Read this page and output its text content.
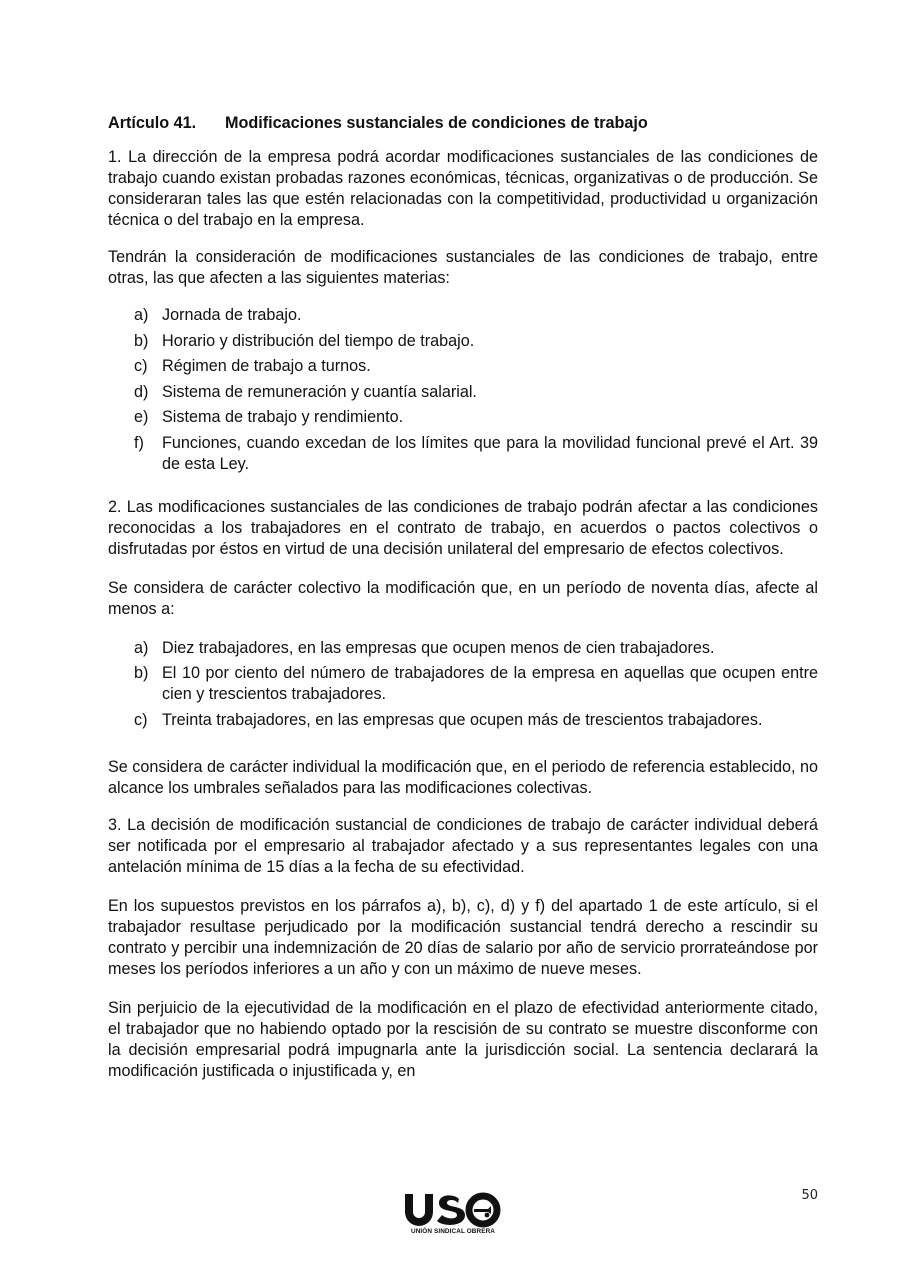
Artículo 41. Modificaciones sustanciales de condiciones de trabajo

1. La dirección de la empresa podrá acordar modificaciones sustanciales de las condiciones de trabajo cuando existan probadas razones económicas, técnicas, organizativas o de producción. Se consideraran tales las que estén relacionadas con la competitividad, productividad u organización técnica o del trabajo en la empresa.

Tendrán la consideración de modificaciones sustanciales de las condiciones de trabajo, entre otras, las que afecten a las siguientes materias:

a) Jornada de trabajo.
b) Horario y distribución del tiempo de trabajo.
c) Régimen de trabajo a turnos.
d) Sistema de remuneración y cuantía salarial.
e) Sistema de trabajo y rendimiento.
f) Funciones, cuando excedan de los límites que para la movilidad funcional prevé el Art. 39 de esta Ley.

2. Las modificaciones sustanciales de las condiciones de trabajo podrán afectar a las condiciones reconocidas a los trabajadores en el contrato de trabajo, en acuerdos o pactos colectivos o disfrutadas por éstos en virtud de una decisión unilateral del empresario de efectos colectivos.

Se considera de carácter colectivo la modificación que, en un período de noventa días, afecte al menos a:

a) Diez trabajadores, en las empresas que ocupen menos de cien trabajadores.
b) El 10 por ciento del número de trabajadores de la empresa en aquellas que ocupen entre cien y trescientos trabajadores.
c) Treinta trabajadores, en las empresas que ocupen más de trescientos trabajadores.

Se considera de carácter individual la modificación que, en el periodo de referencia establecido, no alcance los umbrales señalados para las modificaciones colectivas.

3. La decisión de modificación sustancial de condiciones de trabajo de carácter individual deberá ser notificada por el empresario al trabajador afectado y a sus representantes legales con una antelación mínima de 15 días a la fecha de su efectividad.

En los supuestos previstos en los párrafos a), b), c), d) y f) del apartado 1 de este artículo, si el trabajador resultase perjudicado por la modificación sustancial tendrá derecho a rescindir su contrato y percibir una indemnización de 20 días de salario por año de servicio prorrateándose por meses los períodos inferiores a un año y con un máximo de nueve meses.

Sin perjuicio de la ejecutividad de la modificación en el plazo de efectividad anteriormente citado, el trabajador que no habiendo optado por la rescisión de su contrato se muestre disconforme con la decisión empresarial podrá impugnarla ante la jurisdicción social. La sentencia declarará la modificación justificada o injustificada y, en

50
UNIÓN SINDICAL OBRERA
